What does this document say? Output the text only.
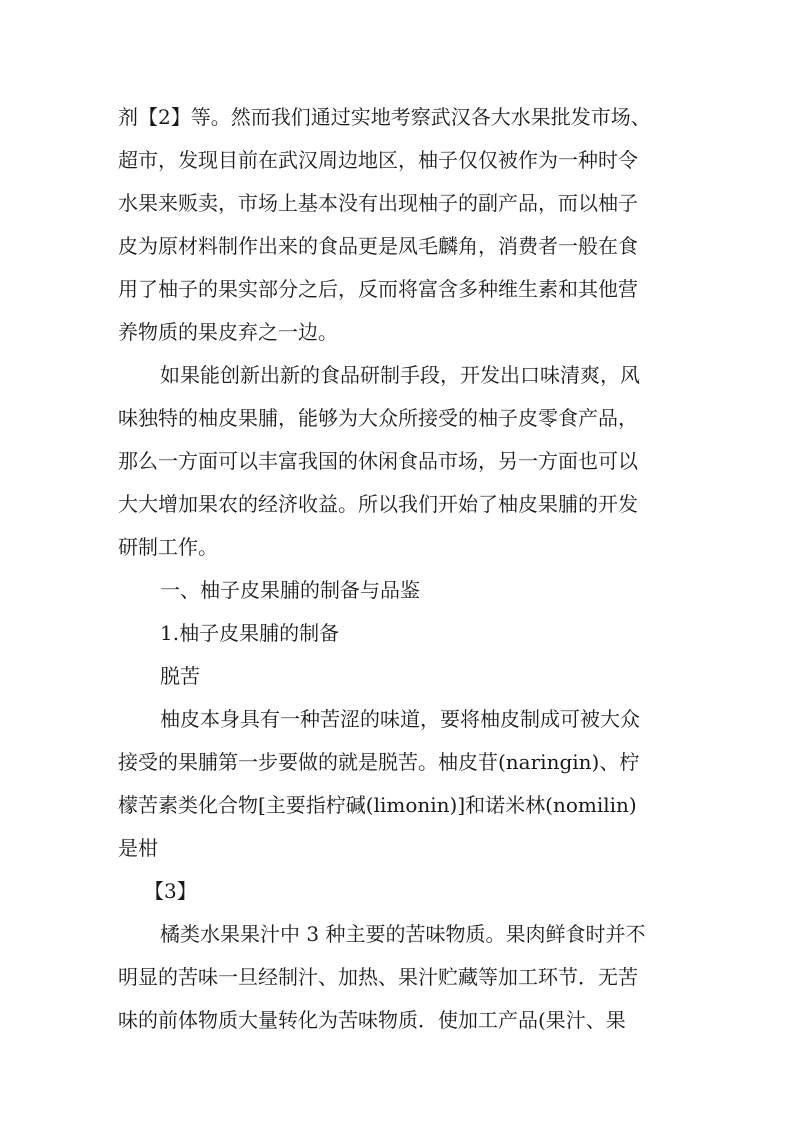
剂【2】等。然而我们通过实地考察武汉各大水果批发市场、
超市，发现目前在武汉周边地区，柚子仅仅被作为一种时令
水果来贩卖，市场上基本没有出现柚子的副产品，而以柚子
皮为原材料制作出来的食品更是凤毛麟角，消费者一般在食
用了柚子的果实部分之后，反而将富含多种维生素和其他营
养物质的果皮弃之一边。
如果能创新出新的食品研制手段，开发出口味清爽，风
味独特的柚皮果脯，能够为大众所接受的柚子皮零食产品，
那么一方面可以丰富我国的休闲食品市场，另一方面也可以
大大增加果农的经济收益。所以我们开始了柚皮果脯的开发
研制工作。
一、柚子皮果脯的制备与品鉴
1.柚子皮果脯的制备
脱苦
柚皮本身具有一种苦涩的味道，要将柚皮制成可被大众
接受的果脯第一步要做的就是脱苦。柚皮苷(naringin)、柠
檬苦素类化合物[主要指柠碱(limonin)]和诺米林(nomilin)
是柑
【3】
橘类水果果汁中 3 种主要的苦味物质。果肉鲜食时并不
明显的苦味一旦经制汁、加热、果汁贮藏等加工环节．无苦
味的前体物质大量转化为苦味物质．使加工产品(果汁、果
